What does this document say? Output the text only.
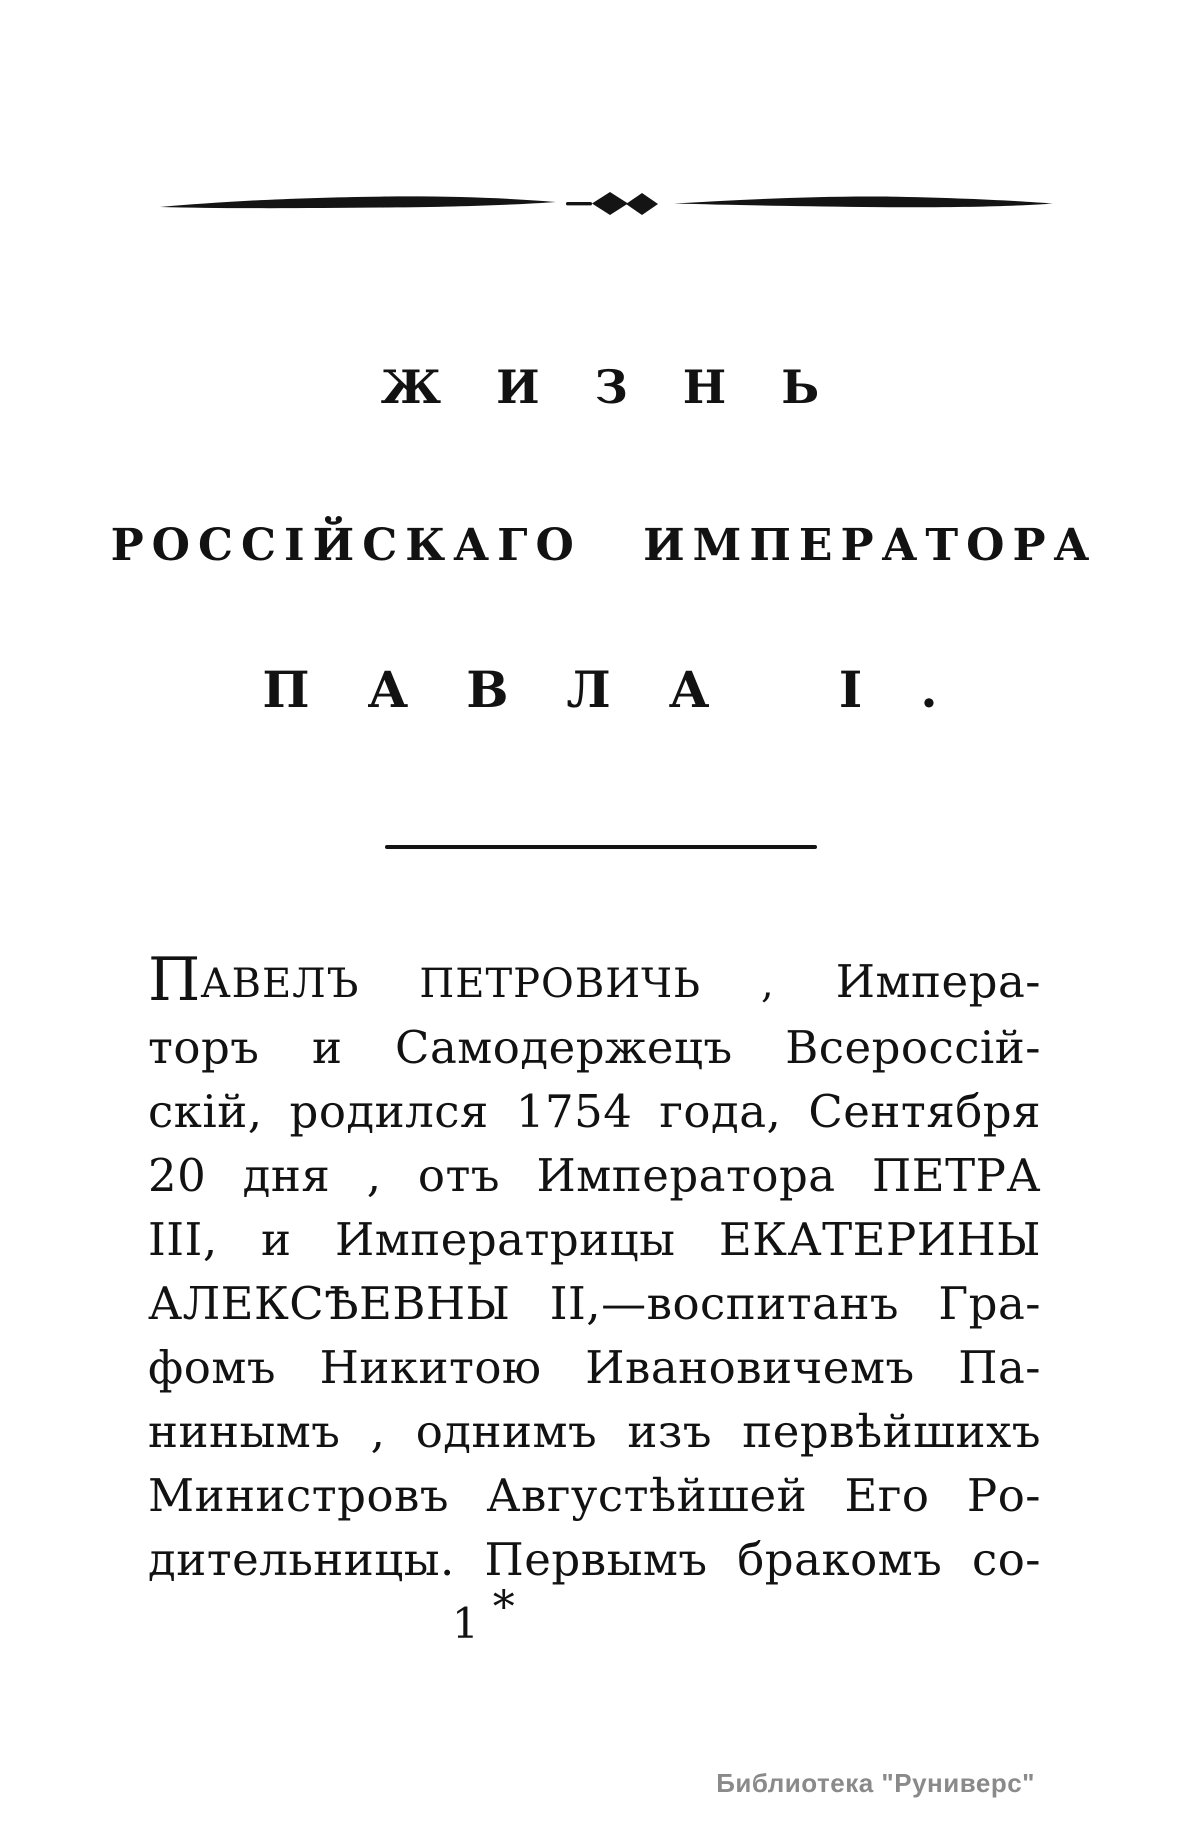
ЖИЗНЬ
РОССІЙСКАГО ИМПЕРАТОРА
ПАВЛА I.
ПАВЕЛЪ ПЕТРОВИЧЬ , Импера-
торъ и Самодержецъ Всероссій-
скій, родился 1754 года, Сентября
20 дня , отъ Императора ПЕТРА
III, и Императрицы ЕКАТЕРИНЫ
АЛЕКСѢЕВНЫ II,—воспитанъ Гра-
фомъ Никитою Ивановичемъ Па-
нинымъ , однимъ изъ первѣйшихъ
Министровъ Августѣйшей Его Ро-
дительницы. Первымъ бракомъ со-
1 *
Библиотека "Руниверс"
